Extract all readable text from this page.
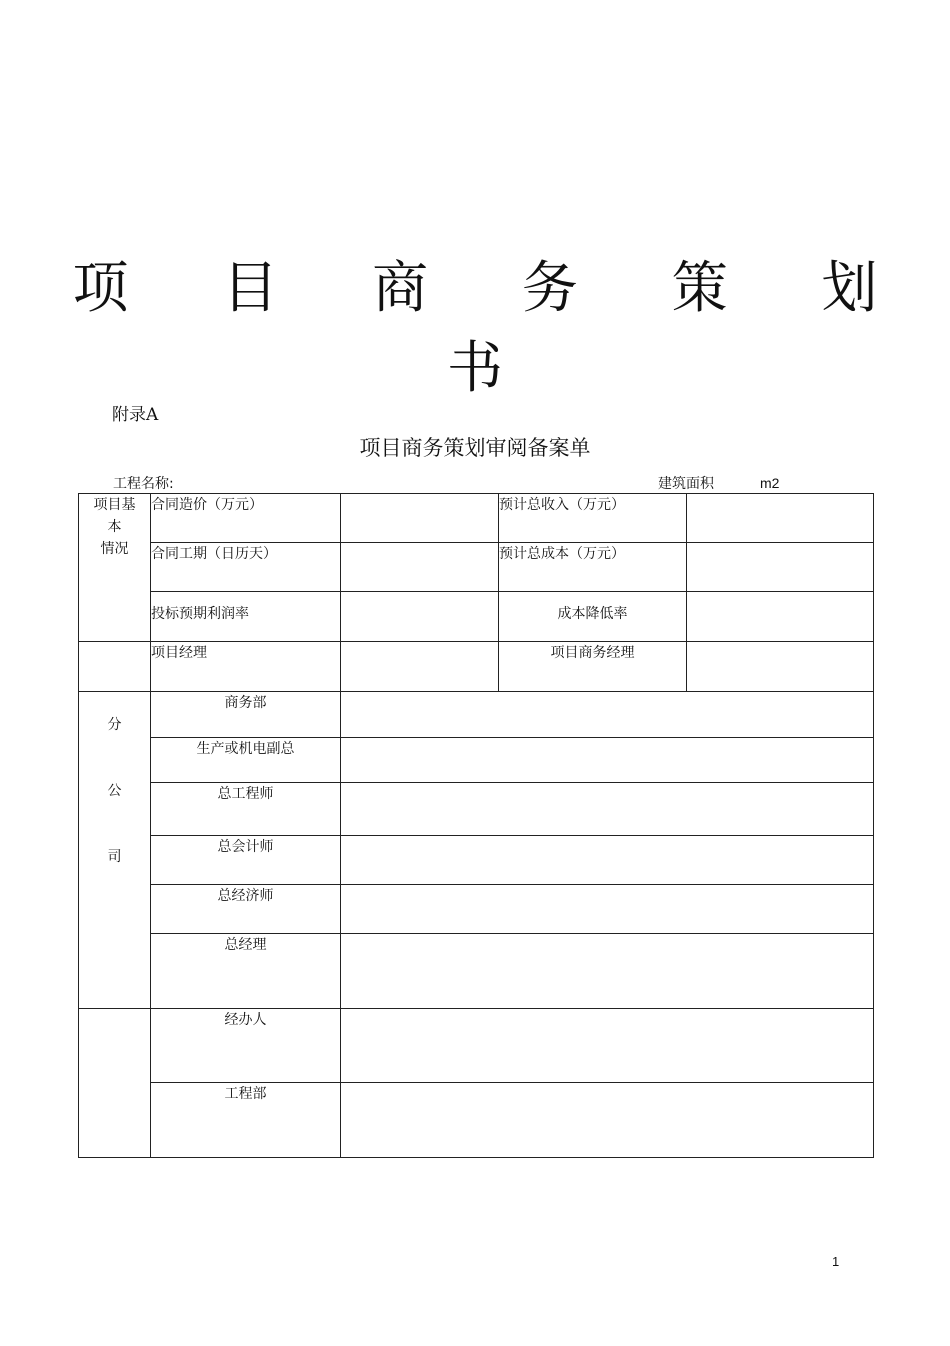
项 目 商 务 策 划 书
附录A
项目商务策划审阅备案单
工程名称:	建筑面积	m2
项目基
本
情况	合同造价（万元）		预计总收入（万元）	
	合同工期（日历天）		预计总成本（万元）	
	投标预期利润率		成本降低率	
	项目经理		项目商务经理	

分
公
司	商务部			
	生产或机电副总			
	总工程师			
	总会计师			
	总经济师			
	总经理			
	经办人			
	工程部			
1
